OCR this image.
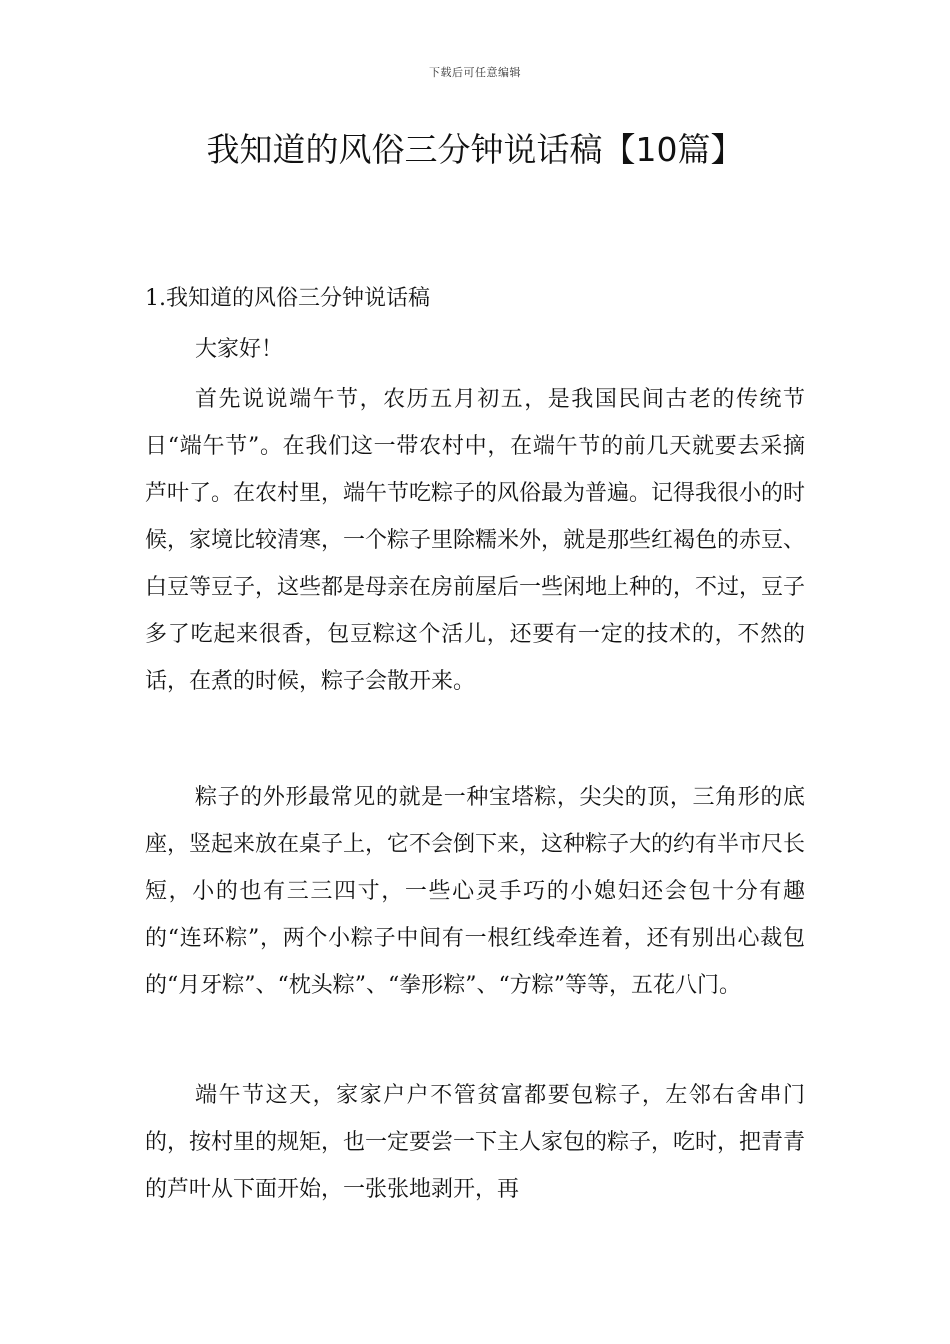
下载后可任意编辑
我知道的风俗三分钟说话稿【10篇】
1.我知道的风俗三分钟说话稿
大家好！

首先说说端午节，农历五月初五，是我国民间古老的传统节日“端午节”。在我们这一带农村中，在端午节的前几天就要去采摘芦叶了。在农村里，端午节吃粽子的风俗最为普遍。记得我很小的时候，家境比较清寒，一个粽子里除糯米外，就是那些红褐色的赤豆、白豆等豆子，这些都是母亲在房前屋后一些闲地上种的，不过，豆子多了吃起来很香，包豆粽这个活儿，还要有一定的技术的，不然的话，在煮的时候，粽子会散开来。

粽子的外形最常见的就是一种宝塔粽，尖尖的顶，三角形的底座，竖起来放在桌子上，它不会倒下来，这种粽子大的约有半市尺长短，小的也有三三四寸，一些心灵手巧的小媳妇还会包十分有趣的“连环粽”，两个小粽子中间有一根红线牵连着，还有别出心裁包的“月牙粽”、“枕头粽”、“拳形粽”、“方粽”等等，五花八门。

端午节这天，家家户户不管贫富都要包粽子，左邻右舍串门的，按村里的规矩，也一定要尝一下主人家包的粽子，吃时，把青青的芦叶从下面开始，一张张地剥开，再
